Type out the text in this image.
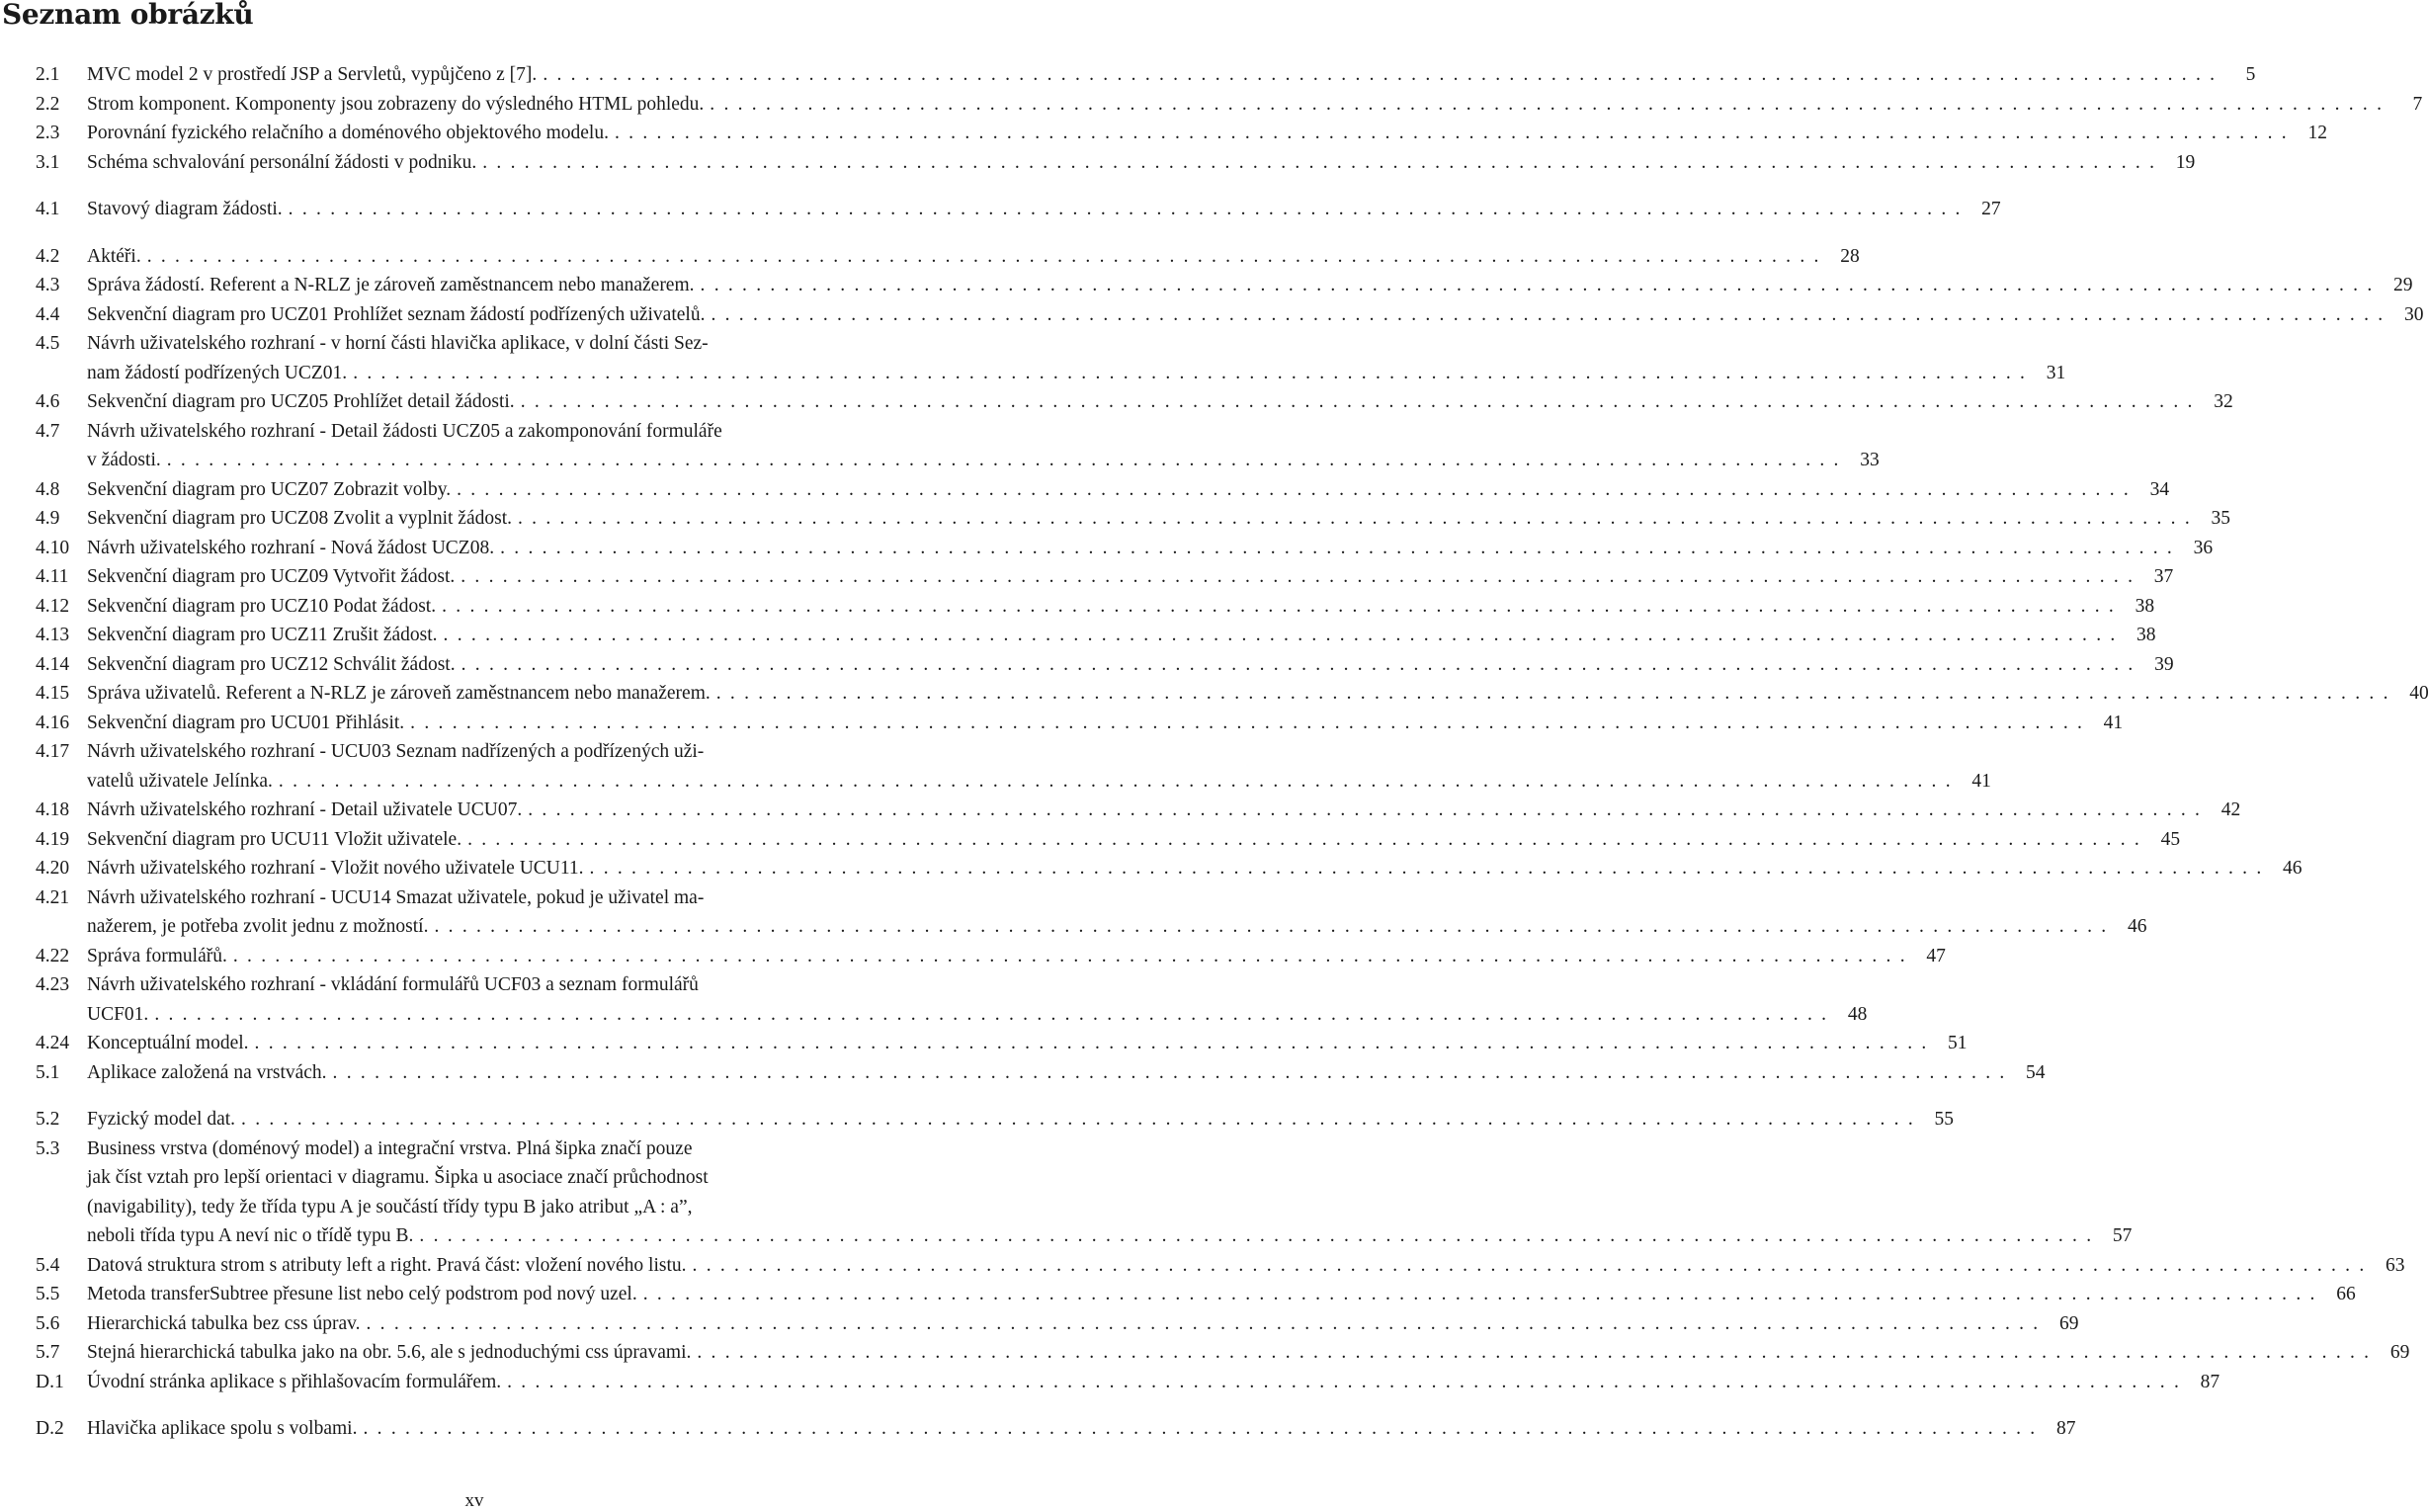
Seznam obrázků
2.1 MVC model 2 v prostředí JSP a Servletů, vypůjčeno z [7]. ........................................................................................................................	5
2.2 Strom komponent. Komponenty jsou zobrazeny do výsledného HTML pohledu. ........................................................................................................................	7
2.3 Porovnání fyzického relačního a doménového objektového modelu. ........................................................................................................................ 12
3.1 Schéma schvalování personální žádosti v podniku. ........................................................................................................................ 19
4.1 Stavový diagram žádosti. ........................................................................................................................ 27
4.2 Aktéři. ........................................................................................................................ 28
4.3 Správa žádostí. Referent a N-RLZ je zároveň zaměstnancem nebo manažerem. ........................................................................................................................ 29
4.4 Sekvenční diagram pro UCZ01 Prohlížet seznam žádostí podřízených uživatelů. ........................................................................................................................ 30
4.5 Návrh uživatelského rozhraní - v horní části hlavička aplikace, v dolní části Sez-
nam žádostí podřízených UCZ01. ........................................................................................................................ 31
4.6 Sekvenční diagram pro UCZ05 Prohlížet detail žádosti. ........................................................................................................................ 32
4.7 Návrh uživatelského rozhraní - Detail žádosti UCZ05 a zakomponování formuláře
v žádosti. ........................................................................................................................ 33
4.8 Sekvenční diagram pro UCZ07 Zobrazit volby. ........................................................................................................................ 34
4.9 Sekvenční diagram pro UCZ08 Zvolit a vyplnit žádost. ........................................................................................................................ 35
4.10 Návrh uživatelského rozhraní - Nová žádost UCZ08. ........................................................................................................................ 36
4.11 Sekvenční diagram pro UCZ09 Vytvořit žádost. ........................................................................................................................ 37
4.12 Sekvenční diagram pro UCZ10 Podat žádost. ........................................................................................................................ 38
4.13 Sekvenční diagram pro UCZ11 Zrušit žádost. ........................................................................................................................ 38
4.14 Sekvenční diagram pro UCZ12 Schválit žádost. ........................................................................................................................ 39
4.15 Správa uživatelů. Referent a N-RLZ je zároveň zaměstnancem nebo manažerem. ........................................................................................................................ 40
4.16 Sekvenční diagram pro UCU01 Přihlásit. ........................................................................................................................ 41
4.17 Návrh uživatelského rozhraní - UCU03 Seznam nadřízených a podřízených uži-
vatelů uživatele Jelínka. ........................................................................................................................ 41
4.18 Návrh uživatelského rozhraní - Detail uživatele UCU07. ........................................................................................................................ 42
4.19 Sekvenční diagram pro UCU11 Vložit uživatele. ........................................................................................................................ 45
4.20 Návrh uživatelského rozhraní - Vložit nového uživatele UCU11. ........................................................................................................................ 46
4.21 Návrh uživatelského rozhraní - UCU14 Smazat uživatele, pokud je uživatel ma-
nažerem, je potřeba zvolit jednu z možností. ........................................................................................................................ 46
4.22 Správa formulářů. ........................................................................................................................ 47
4.23 Návrh uživatelského rozhraní - vkládání formulářů UCF03 a seznam formulářů
UCF01. ........................................................................................................................ 48
4.24 Konceptuální model. ........................................................................................................................ 51
5.1 Aplikace založená na vrstvách. ........................................................................................................................ 54
5.2 Fyzický model dat. ........................................................................................................................ 55
5.3 Business vrstva (doménový model) a integrační vrstva. Plná šipka značí pouze
jak číst vztah pro lepší orientaci v diagramu. Šipka u asociace značí průchodnost
(navigability), tedy že třída typu A je součástí třídy typu B jako atribut „A : a”,
neboli třída typu A neví nic o třídě typu B. ........................................................................................................................ 57
5.4 Datová struktura strom s atributy left a right. Pravá část: vložení nového listu. ........................................................................................................................ 63
5.5 Metoda transferSubtree přesune list nebo celý podstrom pod nový uzel. ........................................................................................................................ 66
5.6 Hierarchická tabulka bez css úprav. ........................................................................................................................ 69
5.7 Stejná hierarchická tabulka jako na obr. 5.6, ale s jednoduchými css úpravami. ........................................................................................................................ 69
D.1 Úvodní stránka aplikace s přihlašovacím formulářem. ........................................................................................................................ 87
D.2 Hlavička aplikace spolu s volbami. ........................................................................................................................ 87
xv
